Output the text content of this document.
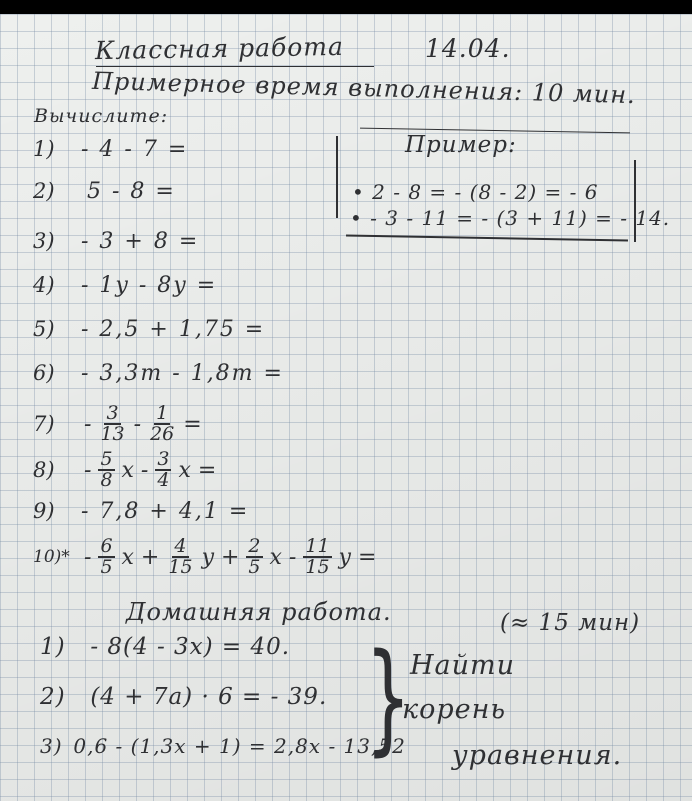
Классная работа	14.04.
Примерное время выполнения: 10 мин.
Вычислите:
Пример:
• 2 - 8 = - (8 - 2) = - 6
• - 3 - 11 = - (3 + 11) = - 14.
1)	- 4 - 7 =
2)	5 - 8 =
3)	- 3 + 8 =
4)	- 1y - 8y =
5)	- 2,5 + 1,75 =
6)	- 3,3m - 1,8m =
7)	- $\frac{3}{13} - \frac{1}{26}$ =
8)	- $\frac{5}{8}$ x - $\frac{3}{4}$ x =
9)	- 7,8 + 4,1 =
$10)* - \frac{6}{5}$ $x + \frac{4}{15}$ $y + \frac{2}{5}$ x - $\frac{11}{15}$ y =
Домашняя работа.	(≈ 15 мин)
1) - 8(4 - 3x) = 40.
2) (4 + 7a) · 6 = - 39.
3) 0,6 - (1,3x + 1) = 2,8x - 13,52
}
Найти
корень
уравнения.
